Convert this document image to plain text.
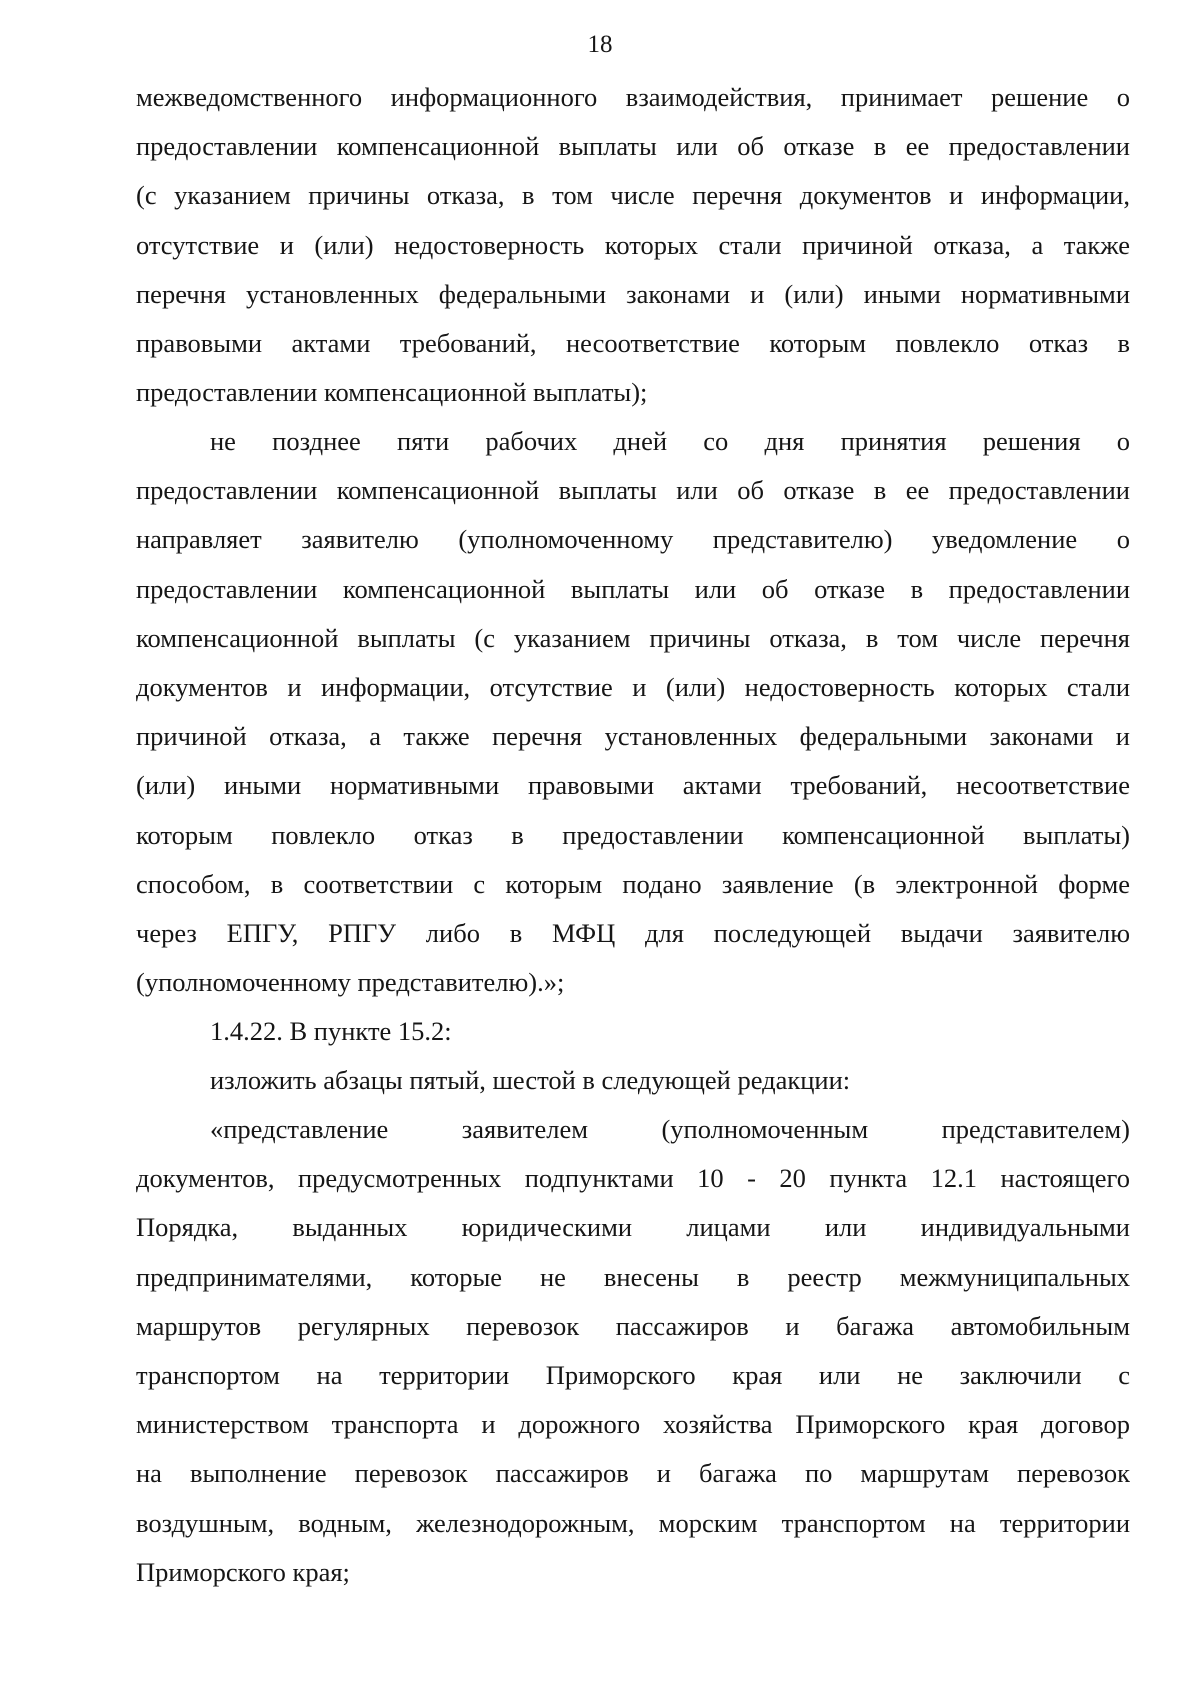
18
межведомственного информационного взаимодействия, принимает решение о
предоставлении компенсационной выплаты или об отказе в ее предоставлении
(с указанием причины отказа, в том числе перечня документов и информации,
отсутствие и (или) недостоверность которых стали причиной отказа, а также
перечня установленных федеральными законами и (или) иными нормативными
правовыми актами требований, несоответствие которым повлекло отказ в
предоставлении компенсационной выплаты);
не позднее пяти рабочих дней со дня принятия решения о
предоставлении компенсационной выплаты или об отказе в ее предоставлении
направляет заявителю (уполномоченному представителю) уведомление о
предоставлении компенсационной выплаты или об отказе в предоставлении
компенсационной выплаты (с указанием причины отказа, в том числе перечня
документов и информации, отсутствие и (или) недостоверность которых стали
причиной отказа, а также перечня установленных федеральными законами и
(или) иными нормативными правовыми актами требований, несоответствие
которым повлекло отказ в предоставлении компенсационной выплаты)
способом, в соответствии с которым подано заявление (в электронной форме
через ЕПГУ, РПГУ либо в МФЦ для последующей выдачи заявителю
(уполномоченному представителю).»;
1.4.22. В пункте 15.2:
изложить абзацы пятый, шестой в следующей редакции:
«представление заявителем (уполномоченным представителем)
документов, предусмотренных подпунктами 10 - 20 пункта 12.1 настоящего
Порядка, выданных юридическими лицами или индивидуальными
предпринимателями, которые не внесены в реестр межмуниципальных
маршрутов регулярных перевозок пассажиров и багажа автомобильным
транспортом на территории Приморского края или не заключили с
министерством транспорта и дорожного хозяйства Приморского края договор
на выполнение перевозок пассажиров и багажа по маршрутам перевозок
воздушным, водным, железнодорожным, морским транспортом на территории
Приморского края;
